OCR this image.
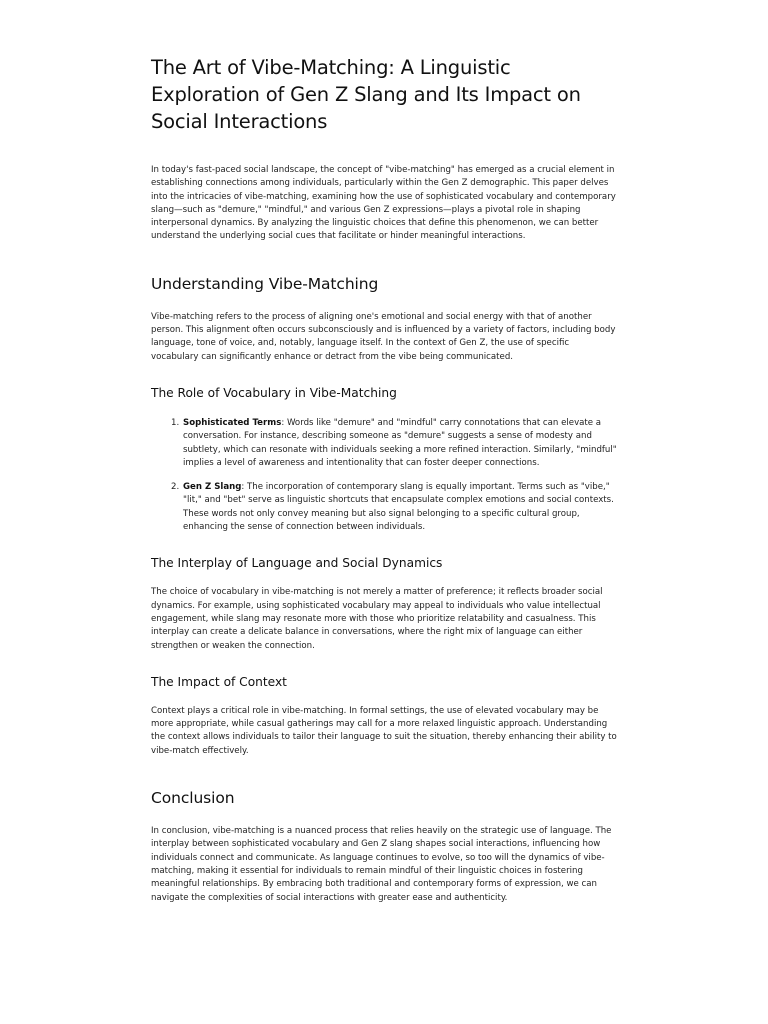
The Art of Vibe-Matching: A Linguistic Exploration of Gen Z Slang and Its Impact on Social Interactions

In today's fast-paced social landscape, the concept of "vibe-matching" has emerged as a crucial element in establishing connections among individuals, particularly within the Gen Z demographic. This paper delves into the intricacies of vibe-matching, examining how the use of sophisticated vocabulary and contemporary slang—such as "demure," "mindful," and various Gen Z expressions—plays a pivotal role in shaping interpersonal dynamics. By analyzing the linguistic choices that define this phenomenon, we can better understand the underlying social cues that facilitate or hinder meaningful interactions.

Understanding Vibe-Matching

Vibe-matching refers to the process of aligning one's emotional and social energy with that of another person. This alignment often occurs subconsciously and is influenced by a variety of factors, including body language, tone of voice, and, notably, language itself. In the context of Gen Z, the use of specific vocabulary can significantly enhance or detract from the vibe being communicated.

The Role of Vocabulary in Vibe-Matching
1. Sophisticated Terms: Words like "demure" and "mindful" carry connotations that can elevate a conversation. For instance, describing someone as "demure" suggests a sense of modesty and subtlety, which can resonate with individuals seeking a more refined interaction. Similarly, "mindful" implies a level of awareness and intentionality that can foster deeper connections.
2. Gen Z Slang: The incorporation of contemporary slang is equally important. Terms such as "vibe," "lit," and "bet" serve as linguistic shortcuts that encapsulate complex emotions and social contexts. These words not only convey meaning but also signal belonging to a specific cultural group, enhancing the sense of connection between individuals.
The Interplay of Language and Social Dynamics

The choice of vocabulary in vibe-matching is not merely a matter of preference; it reflects broader social dynamics. For example, using sophisticated vocabulary may appeal to individuals who value intellectual engagement, while slang may resonate more with those who prioritize relatability and casualness. This interplay can create a delicate balance in conversations, where the right mix of language can either strengthen or weaken the connection.

The Impact of Context

Context plays a critical role in vibe-matching. In formal settings, the use of elevated vocabulary may be more appropriate, while casual gatherings may call for a more relaxed linguistic approach. Understanding the context allows individuals to tailor their language to suit the situation, thereby enhancing their ability to vibe-match effectively.

Conclusion

In conclusion, vibe-matching is a nuanced process that relies heavily on the strategic use of language. The interplay between sophisticated vocabulary and Gen Z slang shapes social interactions, influencing how individuals connect and communicate. As language continues to evolve, so too will the dynamics of vibe-matching, making it essential for individuals to remain mindful of their linguistic choices in fostering meaningful relationships. By embracing both traditional and contemporary forms of expression, we can navigate the complexities of social interactions with greater ease and authenticity.
